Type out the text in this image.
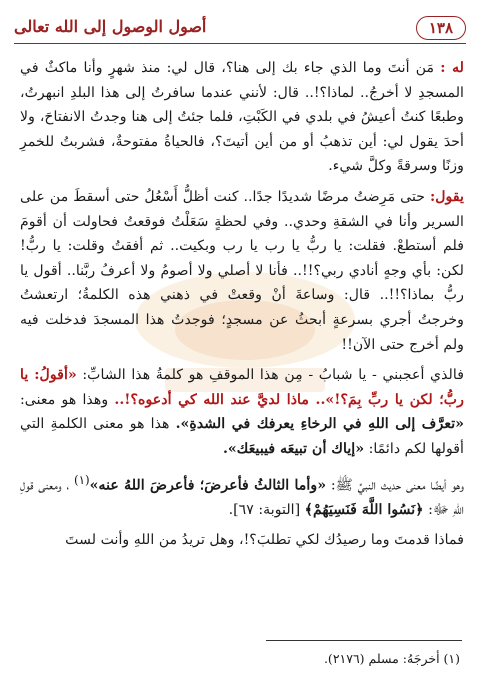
١٣٨
أصول الوصول إلى الله تعالى

له : مَن أنتَ وما الذي جاء بك إلى هنا؟، قال لي: منذ شهرٍ وأنا ماكثٌ في المسجدِ لا أخرجُ.. لماذا؟!.. قال: لأنني عندما سافرتُ إلى هذا البلدِ انبهرتُ، وطبعًا كنتُ أعيشُ في بلدي في الكَبْتِ، فلما جئتُ إلى هنا وجدتُ الانفتاحَ، ولا أحدَ يقول لي: أين تذهبُ أو من أين أتيتَ؟، فالحياةُ مفتوحةٌ، فشربتُ للخمرِ وزنًا وسرقةً وكلَّ شيء.

يقول: حتى مَرِضتُ مرضًا شديدًا جدًا.. كنت أظلُّ أَسْعُلُ حتى أسقطَ من على السرير وأنا في الشقةِ وحدي.. وفي لحظةٍ سَعَلْتُ فوقعتُ فحاولت أن أقومَ فلم أستطعْ. فقلت: يا ربُّ يا رب يا رب وبكيت.. ثم أفقتُ وقلت: يا ربُّ! لكن: بأي وجهٍ أنادي ربي؟!!.. فأنا لا أصلي ولا أصومُ ولا أعرفُ ربَّنا.. أقول يا ربُّ بماذا؟!!.. قال: وساعةَ أنْ وقعتْ في ذهني هذه الكلمةُ؛ ارتعشتُ وخرجتُ أجري بسرعةٍ أبحثُ عن مسجدٍ؛ فوجدتُ هذا المسجدَ فدخلت فيه ولم أخرج حتى الآن!!

فالذي أعجبني - يا شبابُ - مِن هذا الموقفِ هو كلمةُ هذا الشابِّ: «أقولُ: يا ربُّ؛ لكن يا ربِّ بِمَ؟!».. ماذا لديَّ عند الله كي أدعوه؟!.. وهذا هو معنى: «تعرَّف إلى اللهِ في الرخاءِ يعرفك في الشدةِ». هذا هو معنى الكلمةِ التي أقولها لكم دائمًا: «إياك أن تبيعَه فيبيعَك».

وهو أيضًا معنى حديث النبيِّ ﷺ: «وأما الثالثُ فأعرضَ؛ فأعرضَ اللهُ عنه»$^{(١)}$ ، ومعنى قولِ اللهِ ﷻ: ﴿نَسُوا اللَّهَ فَنَسِيَهُمْ﴾ [التوبة: ٦٧].

فماذا قدمتَ وما رصيدُك لكي تطلبَ؟!، وهل تريدُ من اللهِ وأنت لستَ

(١) أخرجَهُ: مسلم (٢١٧٦).
